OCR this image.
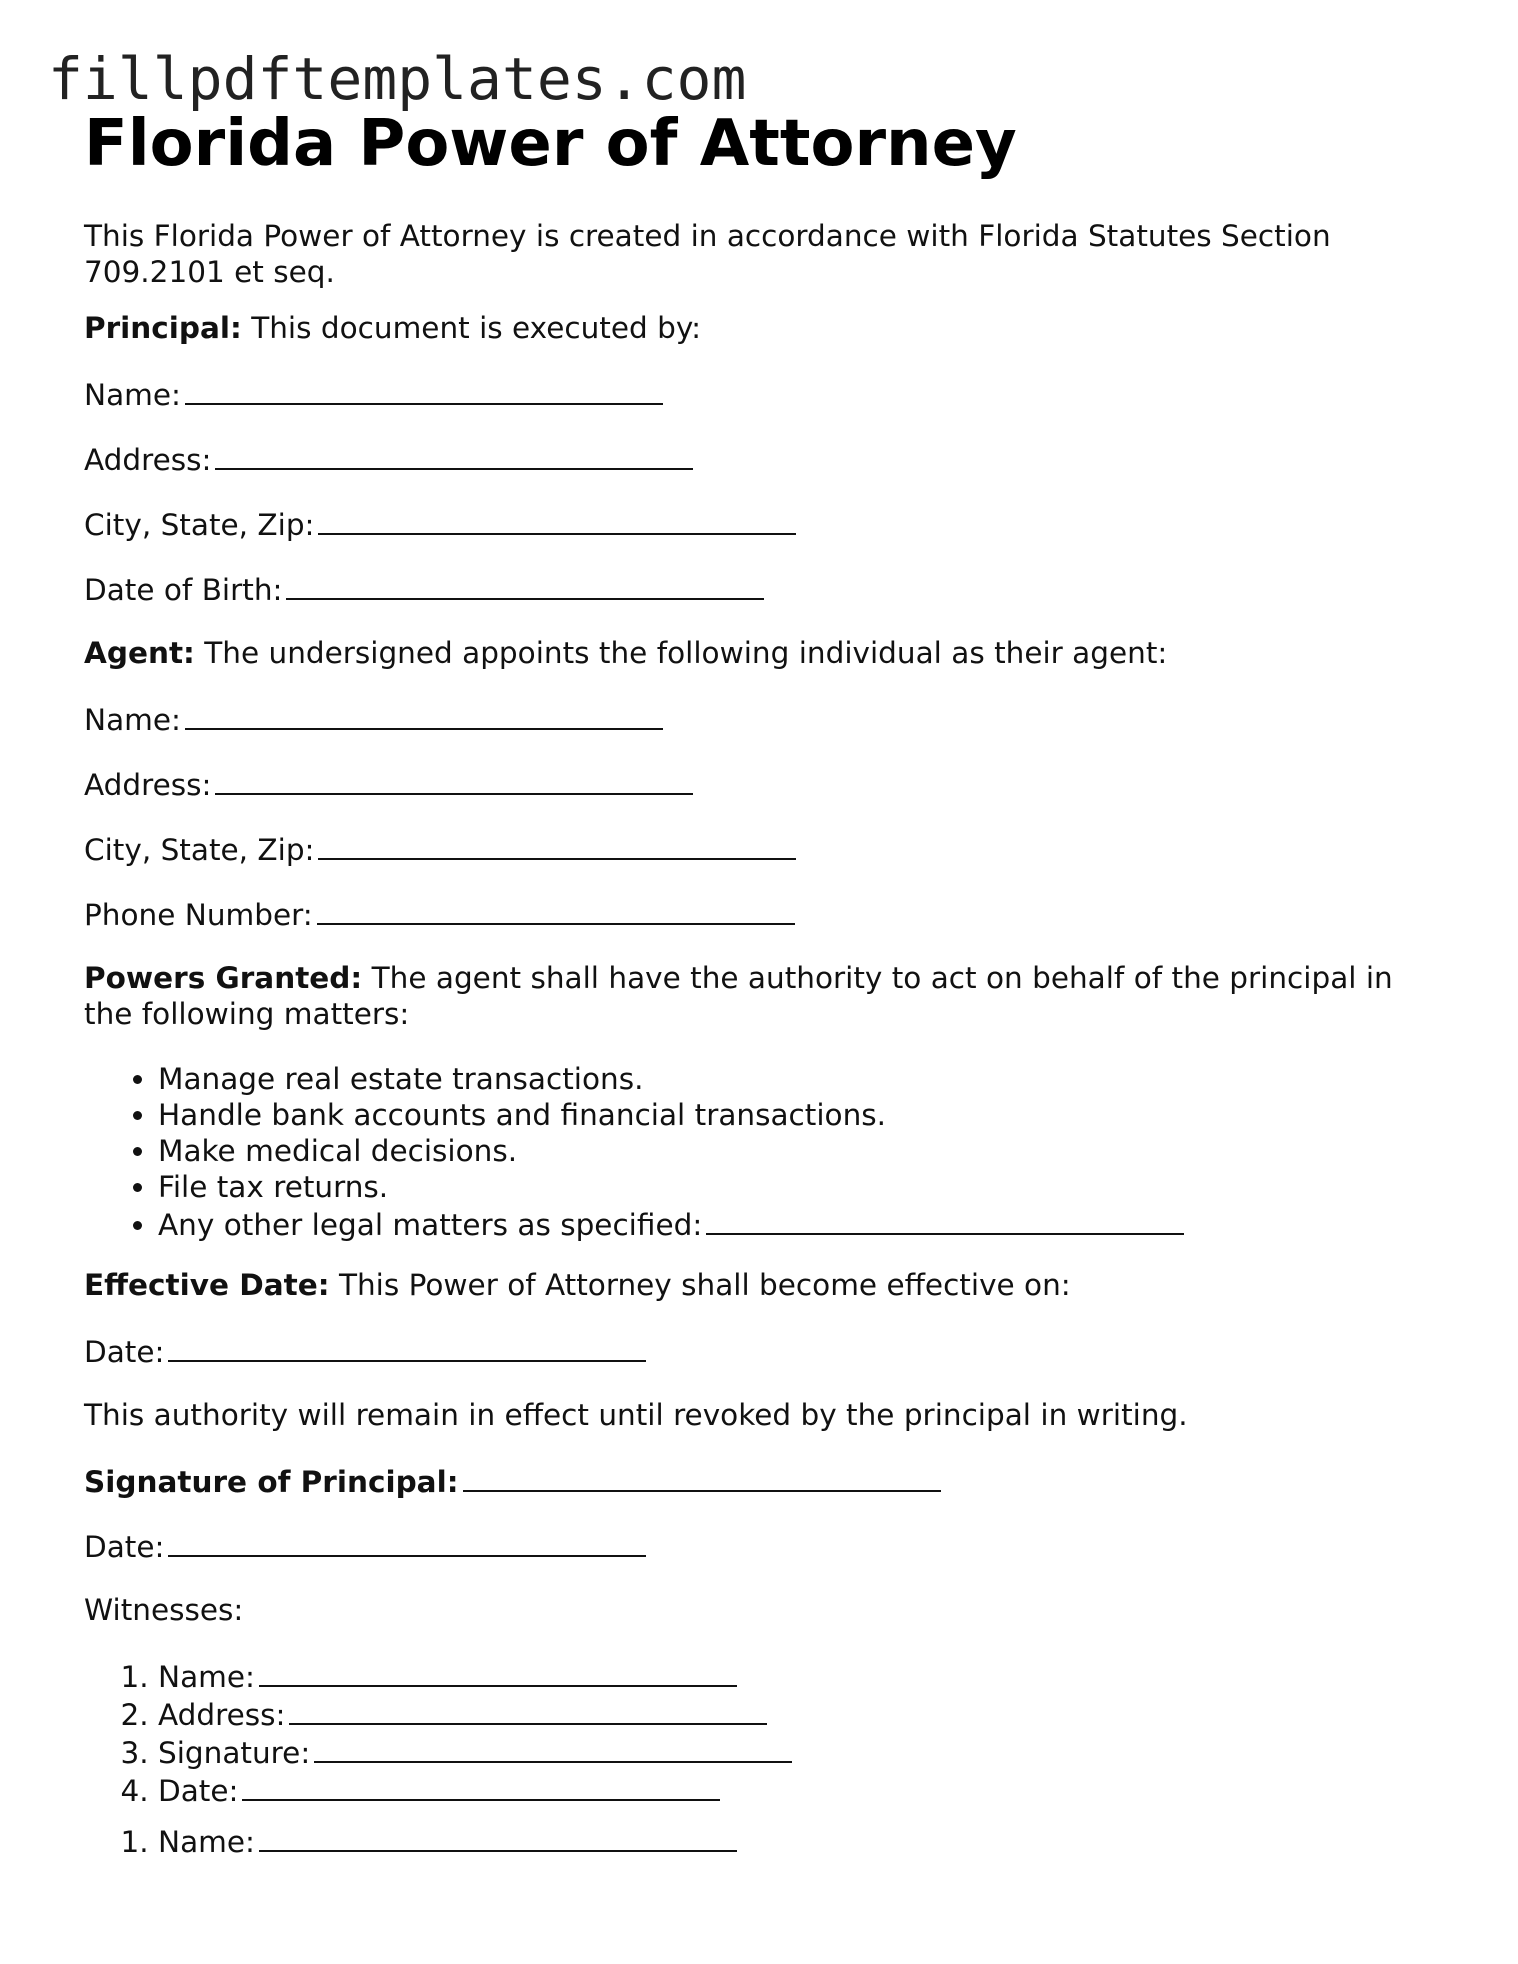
fillpdftemplates.com
Florida Power of Attorney

This Florida Power of Attorney is created in accordance with Florida Statutes Section 709.2101 et seq.

Principal: This document is executed by:

Name:

Address:

City, State, Zip:

Date of Birth:

Agent: The undersigned appoints the following individual as their agent:

Name:

Address:

City, State, Zip:

Phone Number:

Powers Granted: The agent shall have the authority to act on behalf of the principal in the following matters:

• Manage real estate transactions.
• Handle bank accounts and financial transactions.
• Make medical decisions.
• File tax returns.
• Any other legal matters as specified:

Effective Date: This Power of Attorney shall become effective on:

Date:

This authority will remain in effect until revoked by the principal in writing.

Signature of Principal:

Date:

Witnesses:

1. Name:
2. Address:
3. Signature:
4. Date:
1. Name:
